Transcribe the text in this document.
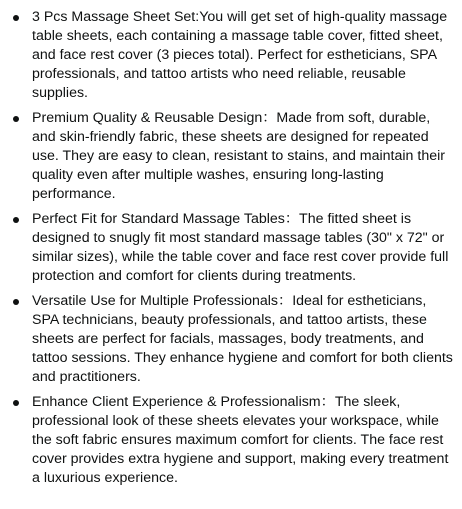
3 Pcs Massage Sheet Set:You will get set of high-quality massage table sheets, each containing a massage table cover, fitted sheet, and face rest cover (3 pieces total). Perfect for estheticians, SPA professionals, and tattoo artists who need reliable, reusable supplies.
Premium Quality & Reusable Design：Made from soft, durable, and skin-friendly fabric, these sheets are designed for repeated use. They are easy to clean, resistant to stains, and maintain their quality even after multiple washes, ensuring long-lasting performance.
Perfect Fit for Standard Massage Tables：The fitted sheet is designed to snugly fit most standard massage tables (30" x 72" or similar sizes), while the table cover and face rest cover provide full protection and comfort for clients during treatments.
Versatile Use for Multiple Professionals：Ideal for estheticians, SPA technicians, beauty professionals, and tattoo artists, these sheets are perfect for facials, massages, body treatments, and tattoo sessions. They enhance hygiene and comfort for both clients and practitioners.
Enhance Client Experience & Professionalism：The sleek, professional look of these sheets elevates your workspace, while the soft fabric ensures maximum comfort for clients. The face rest cover provides extra hygiene and support, making every treatment a luxurious experience.
